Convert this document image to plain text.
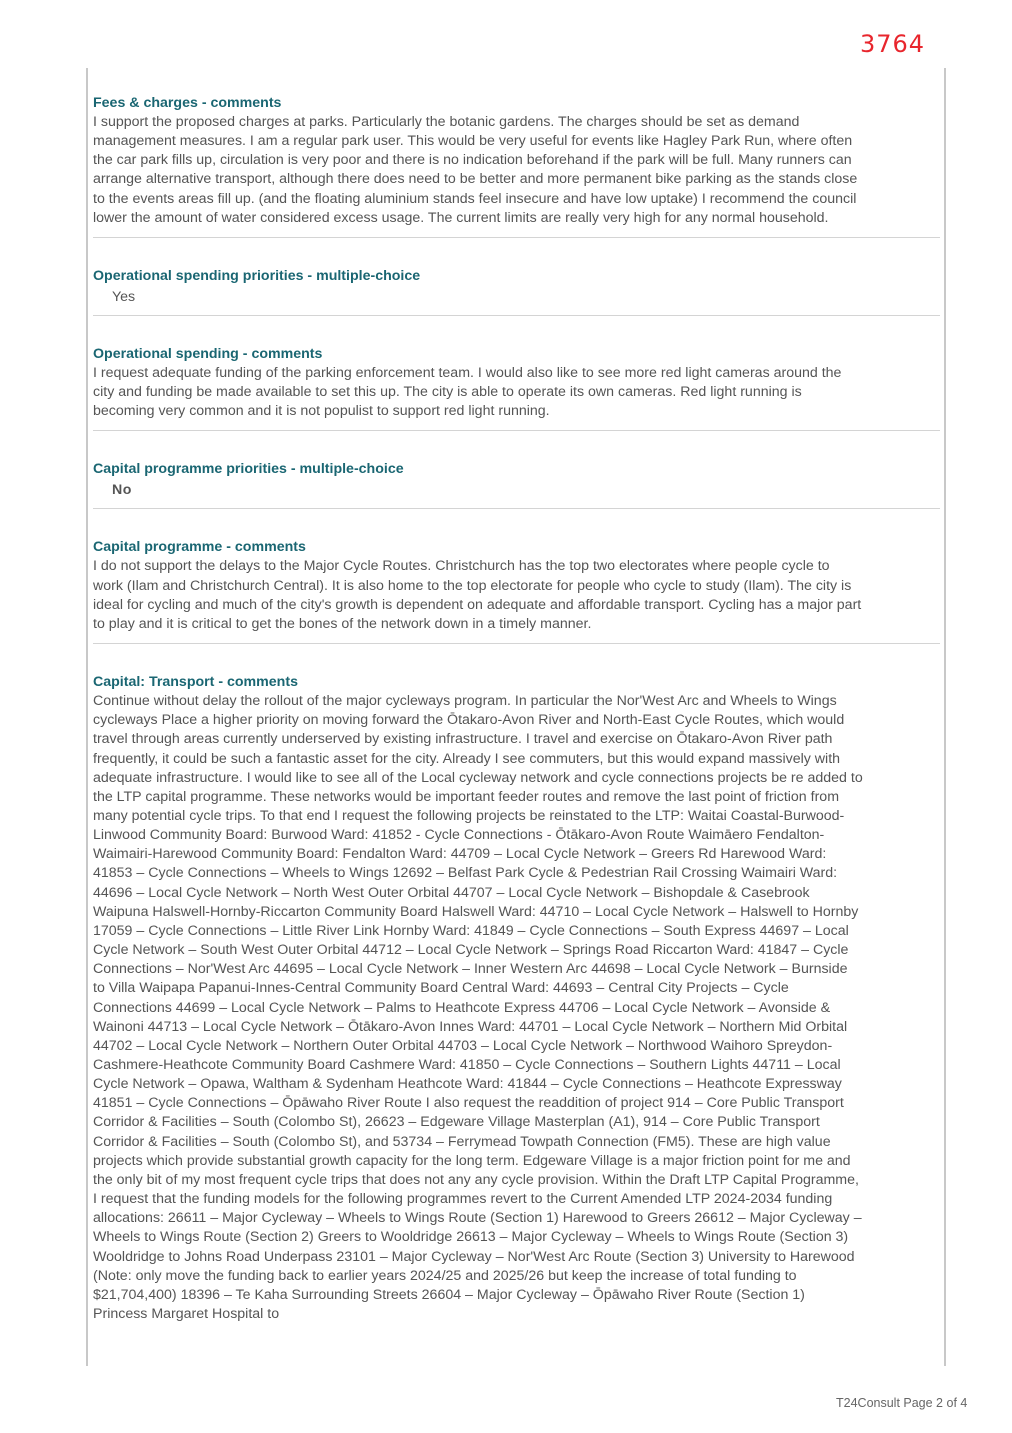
3764
Fees & charges - comments
I support the proposed charges at parks. Particularly the botanic gardens. The charges should be set as demand management measures. I am a regular park user. This would be very useful for events like Hagley Park Run, where often the car park fills up, circulation is very poor and there is no indication beforehand if the park will be full. Many runners can arrange alternative transport, although there does need to be better and more permanent bike parking as the stands close to the events areas fill up. (and the floating aluminium stands feel insecure and have low uptake) I recommend the council lower the amount of water considered excess usage. The current limits are really very high for any normal household.
Operational spending priorities - multiple-choice
Yes
Operational spending - comments
I request adequate funding of the parking enforcement team. I would also like to see more red light cameras around the city and funding be made available to set this up. The city is able to operate its own cameras. Red light running is becoming very common and it is not populist to support red light running.
Capital programme priorities - multiple-choice
No
Capital programme - comments
I do not support the delays to the Major Cycle Routes. Christchurch has the top two electorates where people cycle to work (Ilam and Christchurch Central). It is also home to the top electorate for people who cycle to study (Ilam). The city is ideal for cycling and much of the city's growth is dependent on adequate and affordable transport. Cycling has a major part to play and it is critical to get the bones of the network down in a timely manner.
Capital: Transport - comments
Continue without delay the rollout of the major cycleways program. In particular the Nor'West Arc and Wheels to Wings cycleways Place a higher priority on moving forward the Ōtakaro-Avon River and North-East Cycle Routes, which would travel through areas currently underserved by existing infrastructure. I travel and exercise on Ōtakaro-Avon River path frequently, it could be such a fantastic asset for the city. Already I see commuters, but this would expand massively with adequate infrastructure. I would like to see all of the Local cycleway network and cycle connections projects be re added to the LTP capital programme. These networks would be important feeder routes and remove the last point of friction from many potential cycle trips. To that end I request the following projects be reinstated to the LTP: Waitai Coastal-Burwood-Linwood Community Board: Burwood Ward: 41852 - Cycle Connections - Ōtākaro-Avon Route Waimāero Fendalton-Waimairi-Harewood Community Board: Fendalton Ward: 44709 – Local Cycle Network – Greers Rd Harewood Ward: 41853 – Cycle Connections – Wheels to Wings 12692 – Belfast Park Cycle & Pedestrian Rail Crossing Waimairi Ward: 44696 – Local Cycle Network – North West Outer Orbital 44707 – Local Cycle Network – Bishopdale & Casebrook Waipuna Halswell-Hornby-Riccarton Community Board Halswell Ward: 44710 – Local Cycle Network – Halswell to Hornby 17059 – Cycle Connections – Little River Link Hornby Ward: 41849 – Cycle Connections – South Express 44697 – Local Cycle Network – South West Outer Orbital 44712 – Local Cycle Network – Springs Road Riccarton Ward: 41847 – Cycle Connections – Nor'West Arc 44695 – Local Cycle Network – Inner Western Arc 44698 – Local Cycle Network – Burnside to Villa Waipapa Papanui-Innes-Central Community Board Central Ward: 44693 – Central City Projects – Cycle Connections 44699 – Local Cycle Network – Palms to Heathcote Express 44706 – Local Cycle Network – Avonside & Wainoni 44713 – Local Cycle Network – Ōtākaro-Avon Innes Ward: 44701 – Local Cycle Network – Northern Mid Orbital 44702 – Local Cycle Network – Northern Outer Orbital 44703 – Local Cycle Network – Northwood Waihoro Spreydon-Cashmere-Heathcote Community Board Cashmere Ward: 41850 – Cycle Connections – Southern Lights 44711 – Local Cycle Network – Opawa, Waltham & Sydenham Heathcote Ward: 41844 – Cycle Connections – Heathcote Expressway 41851 – Cycle Connections – Ōpāwaho River Route I also request the readdition of project 914 – Core Public Transport Corridor & Facilities – South (Colombo St), 26623 – Edgeware Village Masterplan (A1), 914 – Core Public Transport Corridor & Facilities – South (Colombo St), and 53734 – Ferrymead Towpath Connection (FM5). These are high value projects which provide substantial growth capacity for the long term. Edgeware Village is a major friction point for me and the only bit of my most frequent cycle trips that does not any any cycle provision. Within the Draft LTP Capital Programme, I request that the funding models for the following programmes revert to the Current Amended LTP 2024-2034 funding allocations: 26611 – Major Cycleway – Wheels to Wings Route (Section 1) Harewood to Greers 26612 – Major Cycleway – Wheels to Wings Route (Section 2) Greers to Wooldridge 26613 – Major Cycleway – Wheels to Wings Route (Section 3) Wooldridge to Johns Road Underpass 23101 – Major Cycleway – Nor'West Arc Route (Section 3) University to Harewood (Note: only move the funding back to earlier years 2024/25 and 2025/26 but keep the increase of total funding to $21,704,400) 18396 – Te Kaha Surrounding Streets 26604 – Major Cycleway – Ōpāwaho River Route (Section 1) Princess Margaret Hospital to
T24Consult Page 2 of 4
